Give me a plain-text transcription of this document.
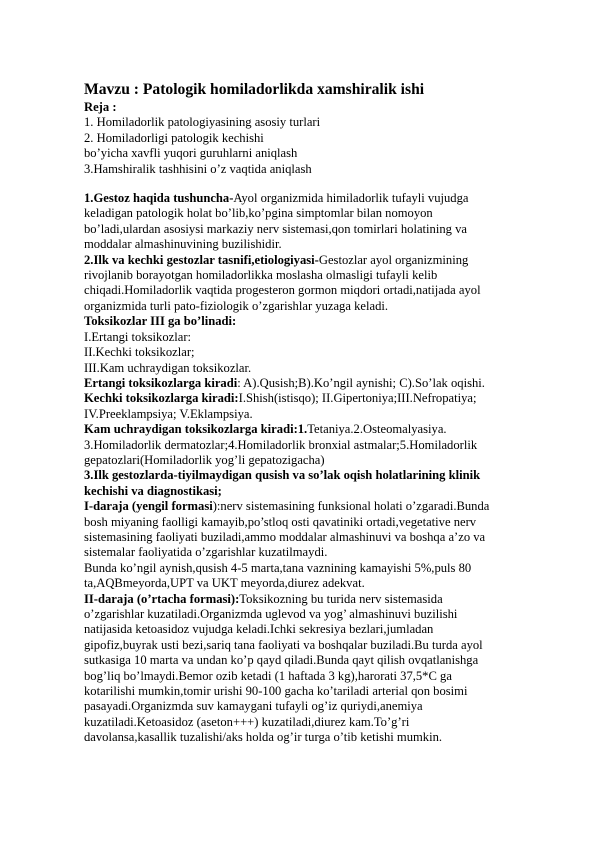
Mavzu : Patologik homiladorlikda xamshiralik ishi
Reja :
1. Homiladorlik patologiyasining asosiy turlari
2. Homiladorligi patologik kechishi
bo’yicha xavfli yuqori guruhlarni aniqlash
3.Hamshiralik tashhisini o’z vaqtida aniqlash
1.Gestoz haqida tushuncha-Ayol organizmida himiladorlik tufayli vujudga
keladigan patologik holat bo’lib,ko’pgina simptomlar bilan nomoyon
bo’ladi,ulardan asosiysi markaziy nerv sistemasi,qon tomirlari holatining va
moddalar almashinuvining buzilishidir.
2.Ilk va kechki gestozlar tasnifi,etiologiyasi-Gestozlar ayol organizmining
rivojlanib borayotgan homiladorlikka moslasha olmasligi tufayli kelib
chiqadi.Homiladorlik vaqtida progesteron gormon miqdori ortadi,natijada ayol
organizmida turli pato-fiziologik o’zgarishlar yuzaga keladi.
Toksikozlar III ga bo’linadi:
I.Ertangi toksikozlar:
II.Kechki toksikozlar;
III.Kam uchraydigan toksikozlar.
Ertangi toksikozlarga kiradi: A).Qusish;B).Ko’ngil aynishi; C).So’lak oqishi.
Kechki toksikozlarga kiradi:I.Shish(istisqo); II.Gipertoniya;III.Nefropatiya;
IV.Preeklampsiya; V.Eklampsiya.
Kam uchraydigan toksikozlarga kiradi:1.Tetaniya.2.Osteomalyasiya.
3.Homiladorlik dermatozlar;4.Homiladorlik bronxial astmalar;5.Homiladorlik
gepatozlari(Homiladorlik yog’li gepatozigacha)
3.Ilk gestozlarda-tiyilmaydigan qusish va so’lak oqish holatlarining klinik
kechishi va diagnostikasi;
I-daraja (yengil formasi):nerv sistemasining funksional holati o’zgaradi.Bunda
bosh miyaning faolligi kamayib,po’stloq osti qavatiniki ortadi,vegetative nerv
sistemasining faoliyati buziladi,ammo moddalar almashinuvi va boshqa a’zo va
sistemalar faoliyatida o’zgarishlar kuzatilmaydi.
Bunda ko’ngil aynish,qusish 4-5 marta,tana vaznining kamayishi 5%,puls 80
ta,AQBmeyorda,UPT va UKT meyorda,diurez adekvat.
II-daraja (o’rtacha formasi):Toksikozning bu turida nerv sistemasida
o’zgarishlar kuzatiladi.Organizmda uglevod va yog’ almashinuvi buzilishi
natijasida ketoasidoz vujudga keladi.Ichki sekresiya bezlari,jumladan
gipofiz,buyrak usti bezi,sariq tana faoliyati va boshqalar buziladi.Bu turda ayol
sutkasiga 10 marta va undan ko’p qayd qiladi.Bunda qayt qilish ovqatlanishga
bog’liq bo’lmaydi.Bemor ozib ketadi (1 haftada 3 kg),harorati 37,5*C ga
kotarilishi mumkin,tomir urishi 90-100 gacha ko’tariladi arterial qon bosimi
pasayadi.Organizmda suv kamaygani tufayli og’iz quriydi,anemiya
kuzatiladi.Ketoasidoz (aseton+++) kuzatiladi,diurez kam.To’g’ri
davolansa,kasallik tuzalishi/aks holda og’ir turga o’tib ketishi mumkin.
